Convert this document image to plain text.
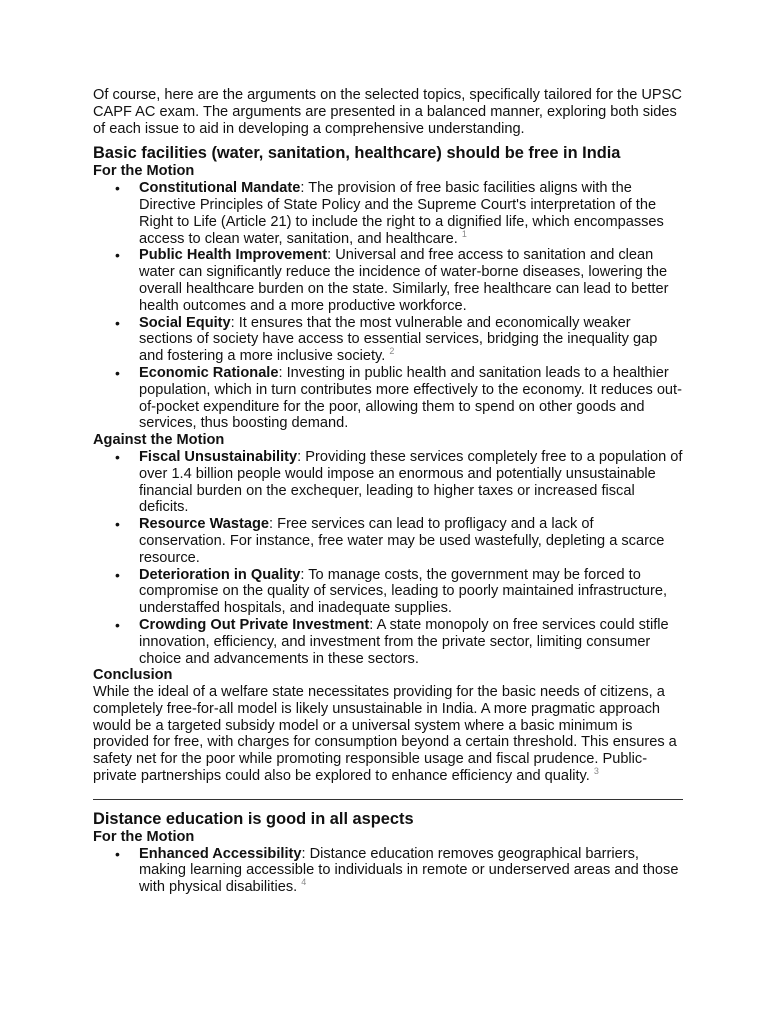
Of course, here are the arguments on the selected topics, specifically tailored for the UPSC CAPF AC exam. The arguments are presented in a balanced manner, exploring both sides of each issue to aid in developing a comprehensive understanding.

Basic facilities (water, sanitation, healthcare) should be free in India

For the Motion

• Constitutional Mandate: The provision of free basic facilities aligns with the Directive Principles of State Policy and the Supreme Court's interpretation of the Right to Life (Article 21) to include the right to a dignified life, which encompasses access to clean water, sanitation, and healthcare. $^1$
• Public Health Improvement: Universal and free access to sanitation and clean water can significantly reduce the incidence of water-borne diseases, lowering the overall healthcare burden on the state. Similarly, free healthcare can lead to better health outcomes and a more productive workforce.
• Social Equity: It ensures that the most vulnerable and economically weaker sections of society have access to essential services, bridging the inequality gap and fostering a more inclusive society. $^2$
• Economic Rationale: Investing in public health and sanitation leads to a healthier population, which in turn contributes more effectively to the economy. It reduces out-of-pocket expenditure for the poor, allowing them to spend on other goods and services, thus boosting demand.

Against the Motion

• Fiscal Unsustainability: Providing these services completely free to a population of over 1.4 billion people would impose an enormous and potentially unsustainable financial burden on the exchequer, leading to higher taxes or increased fiscal deficits.
• Resource Wastage: Free services can lead to profligacy and a lack of conservation. For instance, free water may be used wastefully, depleting a scarce resource.
• Deterioration in Quality: To manage costs, the government may be forced to compromise on the quality of services, leading to poorly maintained infrastructure, understaffed hospitals, and inadequate supplies.
• Crowding Out Private Investment: A state monopoly on free services could stifle innovation, efficiency, and investment from the private sector, limiting consumer choice and advancements in these sectors.

Conclusion

While the ideal of a welfare state necessitates providing for the basic needs of citizens, a completely free-for-all model is likely unsustainable in India. A more pragmatic approach would be a targeted subsidy model or a universal system where a basic minimum is provided for free, with charges for consumption beyond a certain threshold. This ensures a safety net for the poor while promoting responsible usage and fiscal prudence. Public-private partnerships could also be explored to enhance efficiency and quality. $^3$

Distance education is good in all aspects

For the Motion

• Enhanced Accessibility: Distance education removes geographical barriers, making learning accessible to individuals in remote or underserved areas and those with physical disabilities. $^4$
